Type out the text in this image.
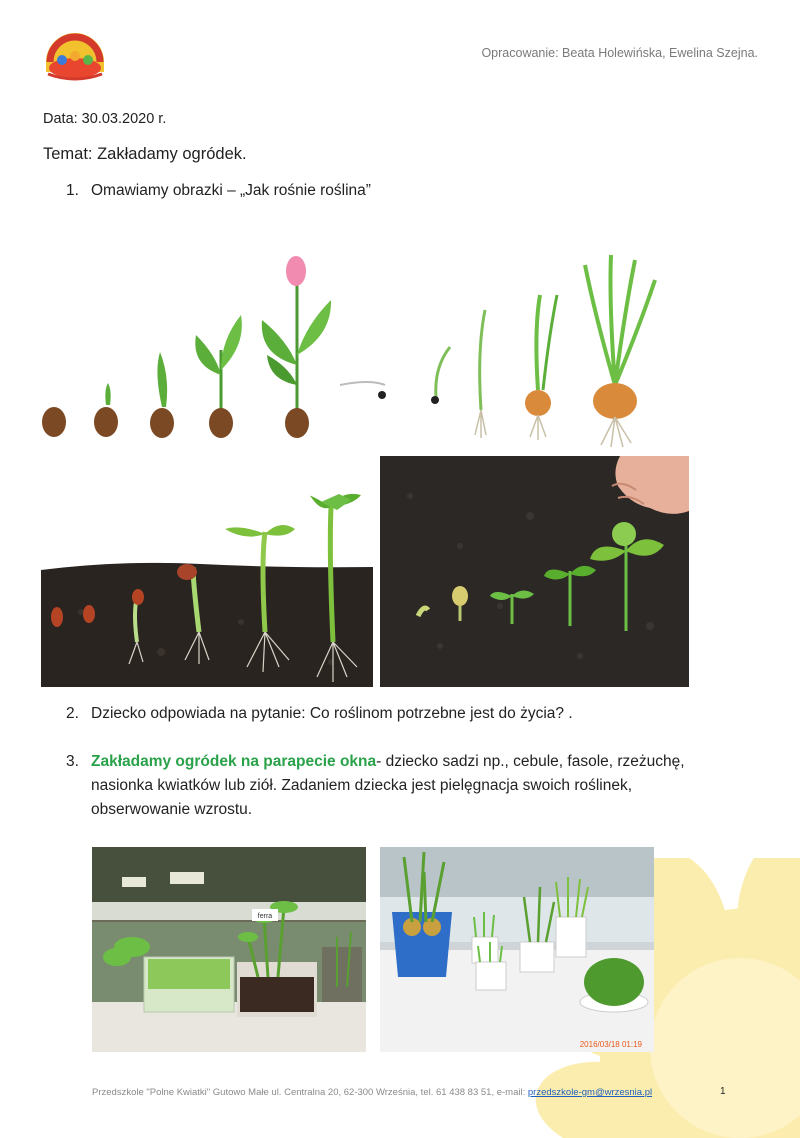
Opracowanie: Beata Holewińska, Ewelina Szejna.
Data: 30.03.2020 r.
Temat: Zakładamy ogródek.
1. Omawiamy obrazki – „Jak rośnie roślina”
2. Dziecko odpowiada na pytanie: Co roślinom potrzebne jest do życia? .
3. Zakładamy ogródek na parapecie okna- dziecko sadzi np., cebule, fasole, rzeżuchę,
nasionka kwiatków lub ziół. Zadaniem dziecka jest pielęgnacja swoich roślinek,
obserwowanie wzrostu.
ferra
2016/03/18 01:19
Przedszkole "Polne Kwiatki" Gutowo Małe ul. Centralna 20, 62-300 Września, tel. 61 438 83 51, e-mail: przedszkole-gm@wrzesnia.pl	1
